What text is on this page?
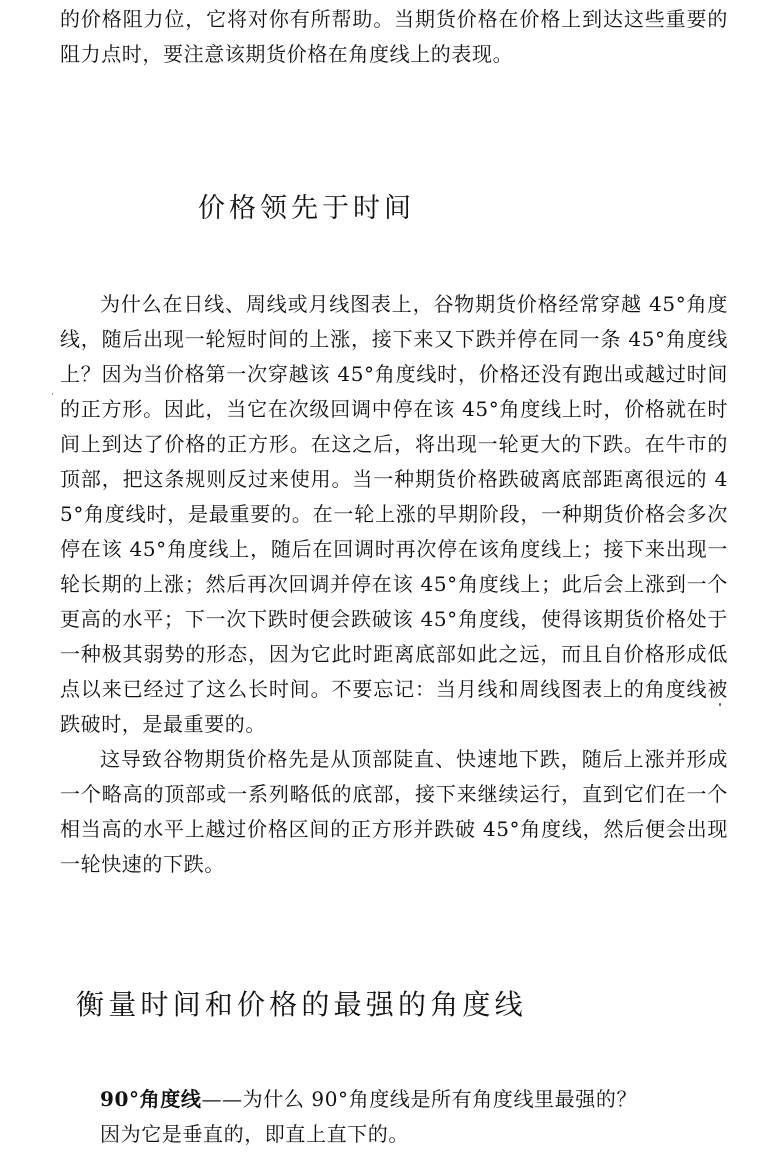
的价格阻力位，它将对你有所帮助。当期货价格在价格上到达这些重要的阻力点时，要注意该期货价格在角度线上的表现。

价格领先于时间

为什么在日线、周线或月线图表上，谷物期货价格经常穿越 45°角度线，随后出现一轮短时间的上涨，接下来又下跌并停在同一条 45°角度线上？因为当价格第一次穿越该 45°角度线时，价格还没有跑出或越过时间的正方形。因此，当它在次级回调中停在该 45°角度线上时，价格就在时间上到达了价格的正方形。在这之后，将出现一轮更大的下跌。在牛市的顶部，把这条规则反过来使用。当一种期货价格跌破离底部距离很远的 45°角度线时，是最重要的。在一轮上涨的早期阶段，一种期货价格会多次停在该 45°角度线上，随后在回调时再次停在该角度线上；接下来出现一轮长期的上涨；然后再次回调并停在该 45°角度线上；此后会上涨到一个更高的水平；下一次下跌时便会跌破该 45°角度线，使得该期货价格处于一种极其弱势的形态，因为它此时距离底部如此之远，而且自价格形成低点以来已经过了这么长时间。不要忘记：当月线和周线图表上的角度线被跌破时，是最重要的。

这导致谷物期货价格先是从顶部陡直、快速地下跌，随后上涨并形成一个略高的顶部或一系列略低的底部，接下来继续运行，直到它们在一个相当高的水平上越过价格区间的正方形并跌破 45°角度线，然后便会出现一轮快速的下跌。

衡量时间和价格的最强的角度线

90°角度线——为什么 90°角度线是所有角度线里最强的？

因为它是垂直的，即直上直下的。
